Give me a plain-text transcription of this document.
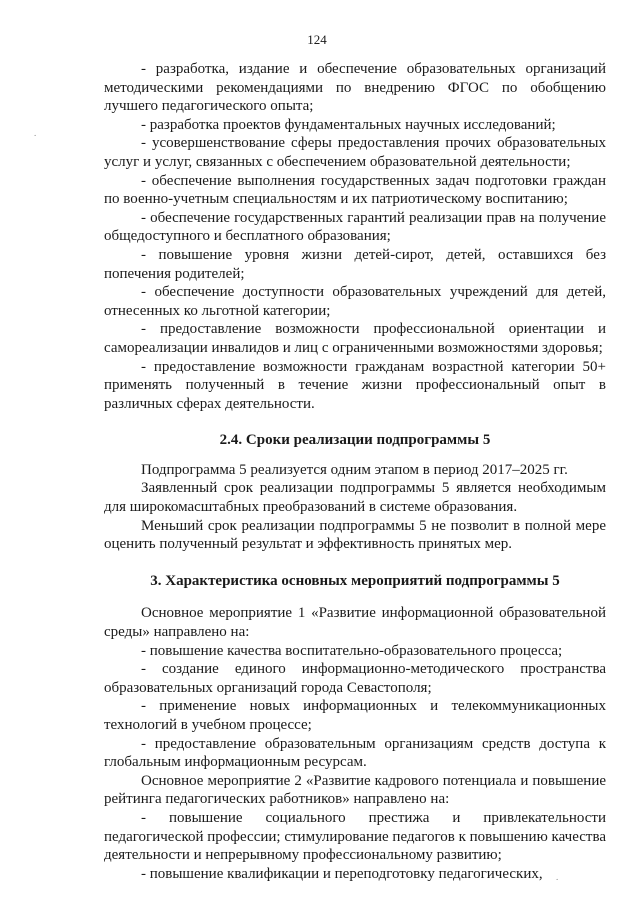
124

- разработка, издание и обеспечение образовательных организаций методическими рекомендациями по внедрению ФГОС по обобщению лучшего педагогического опыта;

- разработка проектов фундаментальных научных исследований;

- усовершенствование сферы предоставления прочих образовательных услуг и услуг, связанных с обеспечением образовательной деятельности;

- обеспечение выполнения государственных задач подготовки граждан по военно-учетным специальностям и их патриотическому воспитанию;

- обеспечение государственных гарантий реализации прав на получение общедоступного и бесплатного образования;

- повышение уровня жизни детей-сирот, детей, оставшихся без попечения родителей;

- обеспечение доступности образовательных учреждений для детей, отнесенных ко льготной категории;

- предоставление возможности профессиональной ориентации и самореализации инвалидов и лиц с ограниченными возможностями здоровья;

- предоставление возможности гражданам возрастной категории 50+ применять полученный в течение жизни профессиональный опыт в различных сферах деятельности.

2.4. Сроки реализации подпрограммы 5

Подпрограмма 5 реализуется одним этапом в период 2017–2025 гг.

Заявленный срок реализации подпрограммы 5 является необходимым для широкомасштабных преобразований в системе образования.

Меньший срок реализации подпрограммы 5 не позволит в полной мере оценить полученный результат и эффективность принятых мер.

3. Характеристика основных мероприятий подпрограммы 5

Основное мероприятие 1 «Развитие информационной образовательной среды» направлено на:

- повышение качества воспитательно-образовательного процесса;

- создание единого информационно-методического пространства образовательных организаций города Севастополя;

- применение новых информационных и телекоммуникационных технологий в учебном процессе;

- предоставление образовательным организациям средств доступа к глобальным информационным ресурсам.

Основное мероприятие 2 «Развитие кадрового потенциала и повышение рейтинга педагогических работников» направлено на:

- повышение социального престижа и привлекательности педагогической профессии; стимулирование педагогов к повышению качества деятельности и непрерывному профессиональному развитию;

- повышение квалификации и переподготовку педагогических,

.
.
